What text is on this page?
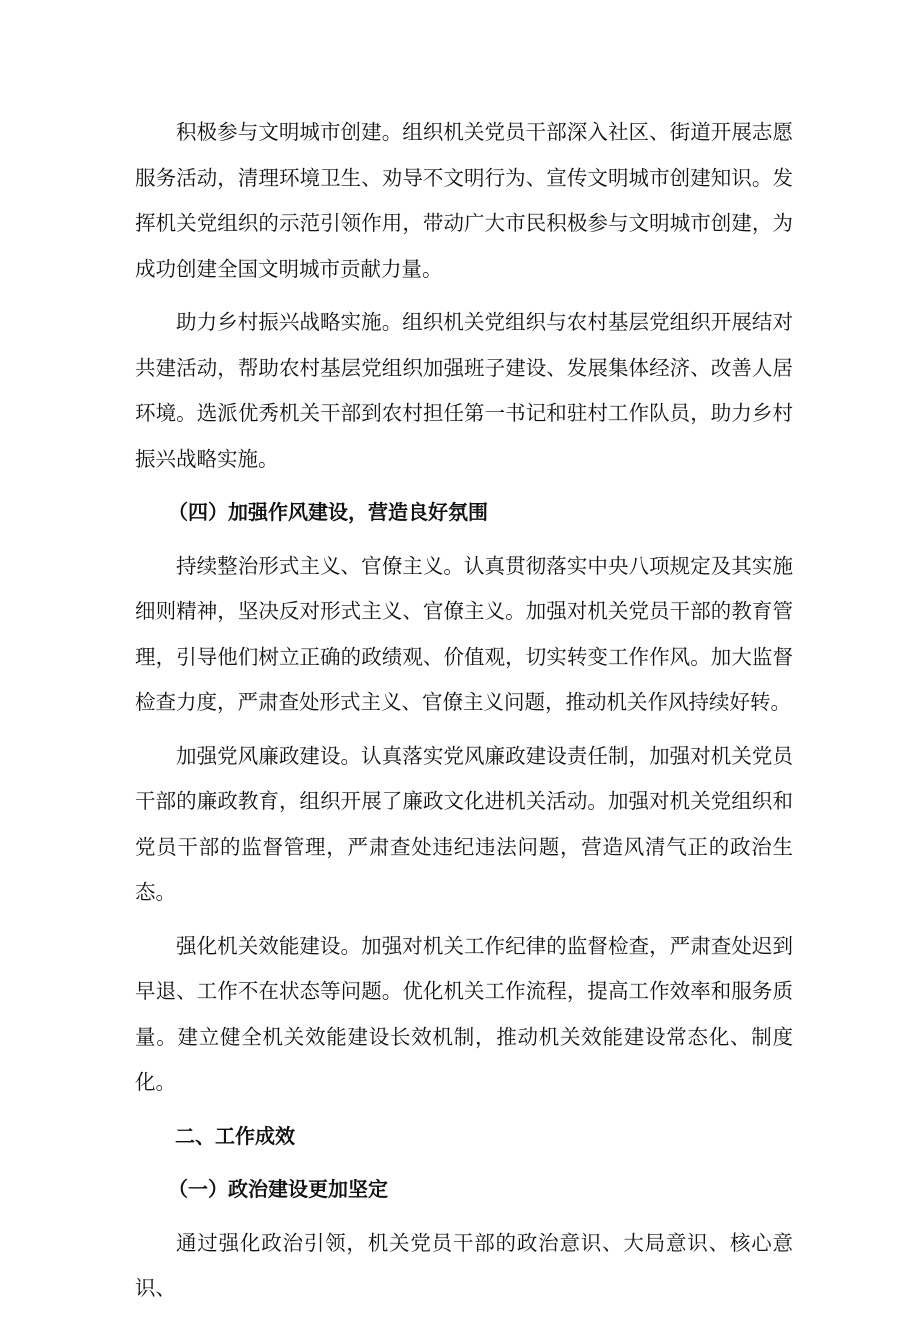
积极参与文明城市创建。组织机关党员干部深入社区、街道开展志愿服务活动，清理环境卫生、劝导不文明行为、宣传文明城市创建知识。发挥机关党组织的示范引领作用，带动广大市民积极参与文明城市创建，为成功创建全国文明城市贡献力量。

助力乡村振兴战略实施。组织机关党组织与农村基层党组织开展结对共建活动，帮助农村基层党组织加强班子建设、发展集体经济、改善人居环境。选派优秀机关干部到农村担任第一书记和驻村工作队员，助力乡村振兴战略实施。

（四）加强作风建设，营造良好氛围

持续整治形式主义、官僚主义。认真贯彻落实中央八项规定及其实施细则精神，坚决反对形式主义、官僚主义。加强对机关党员干部的教育管理，引导他们树立正确的政绩观、价值观，切实转变工作作风。加大监督检查力度，严肃查处形式主义、官僚主义问题，推动机关作风持续好转。

加强党风廉政建设。认真落实党风廉政建设责任制，加强对机关党员干部的廉政教育，组织开展了廉政文化进机关活动。加强对机关党组织和党员干部的监督管理，严肃查处违纪违法问题，营造风清气正的政治生态。

强化机关效能建设。加强对机关工作纪律的监督检查，严肃查处迟到早退、工作不在状态等问题。优化机关工作流程，提高工作效率和服务质量。建立健全机关效能建设长效机制，推动机关效能建设常态化、制度化。

二、工作成效

（一）政治建设更加坚定

通过强化政治引领，机关党员干部的政治意识、大局意识、核心意识、
